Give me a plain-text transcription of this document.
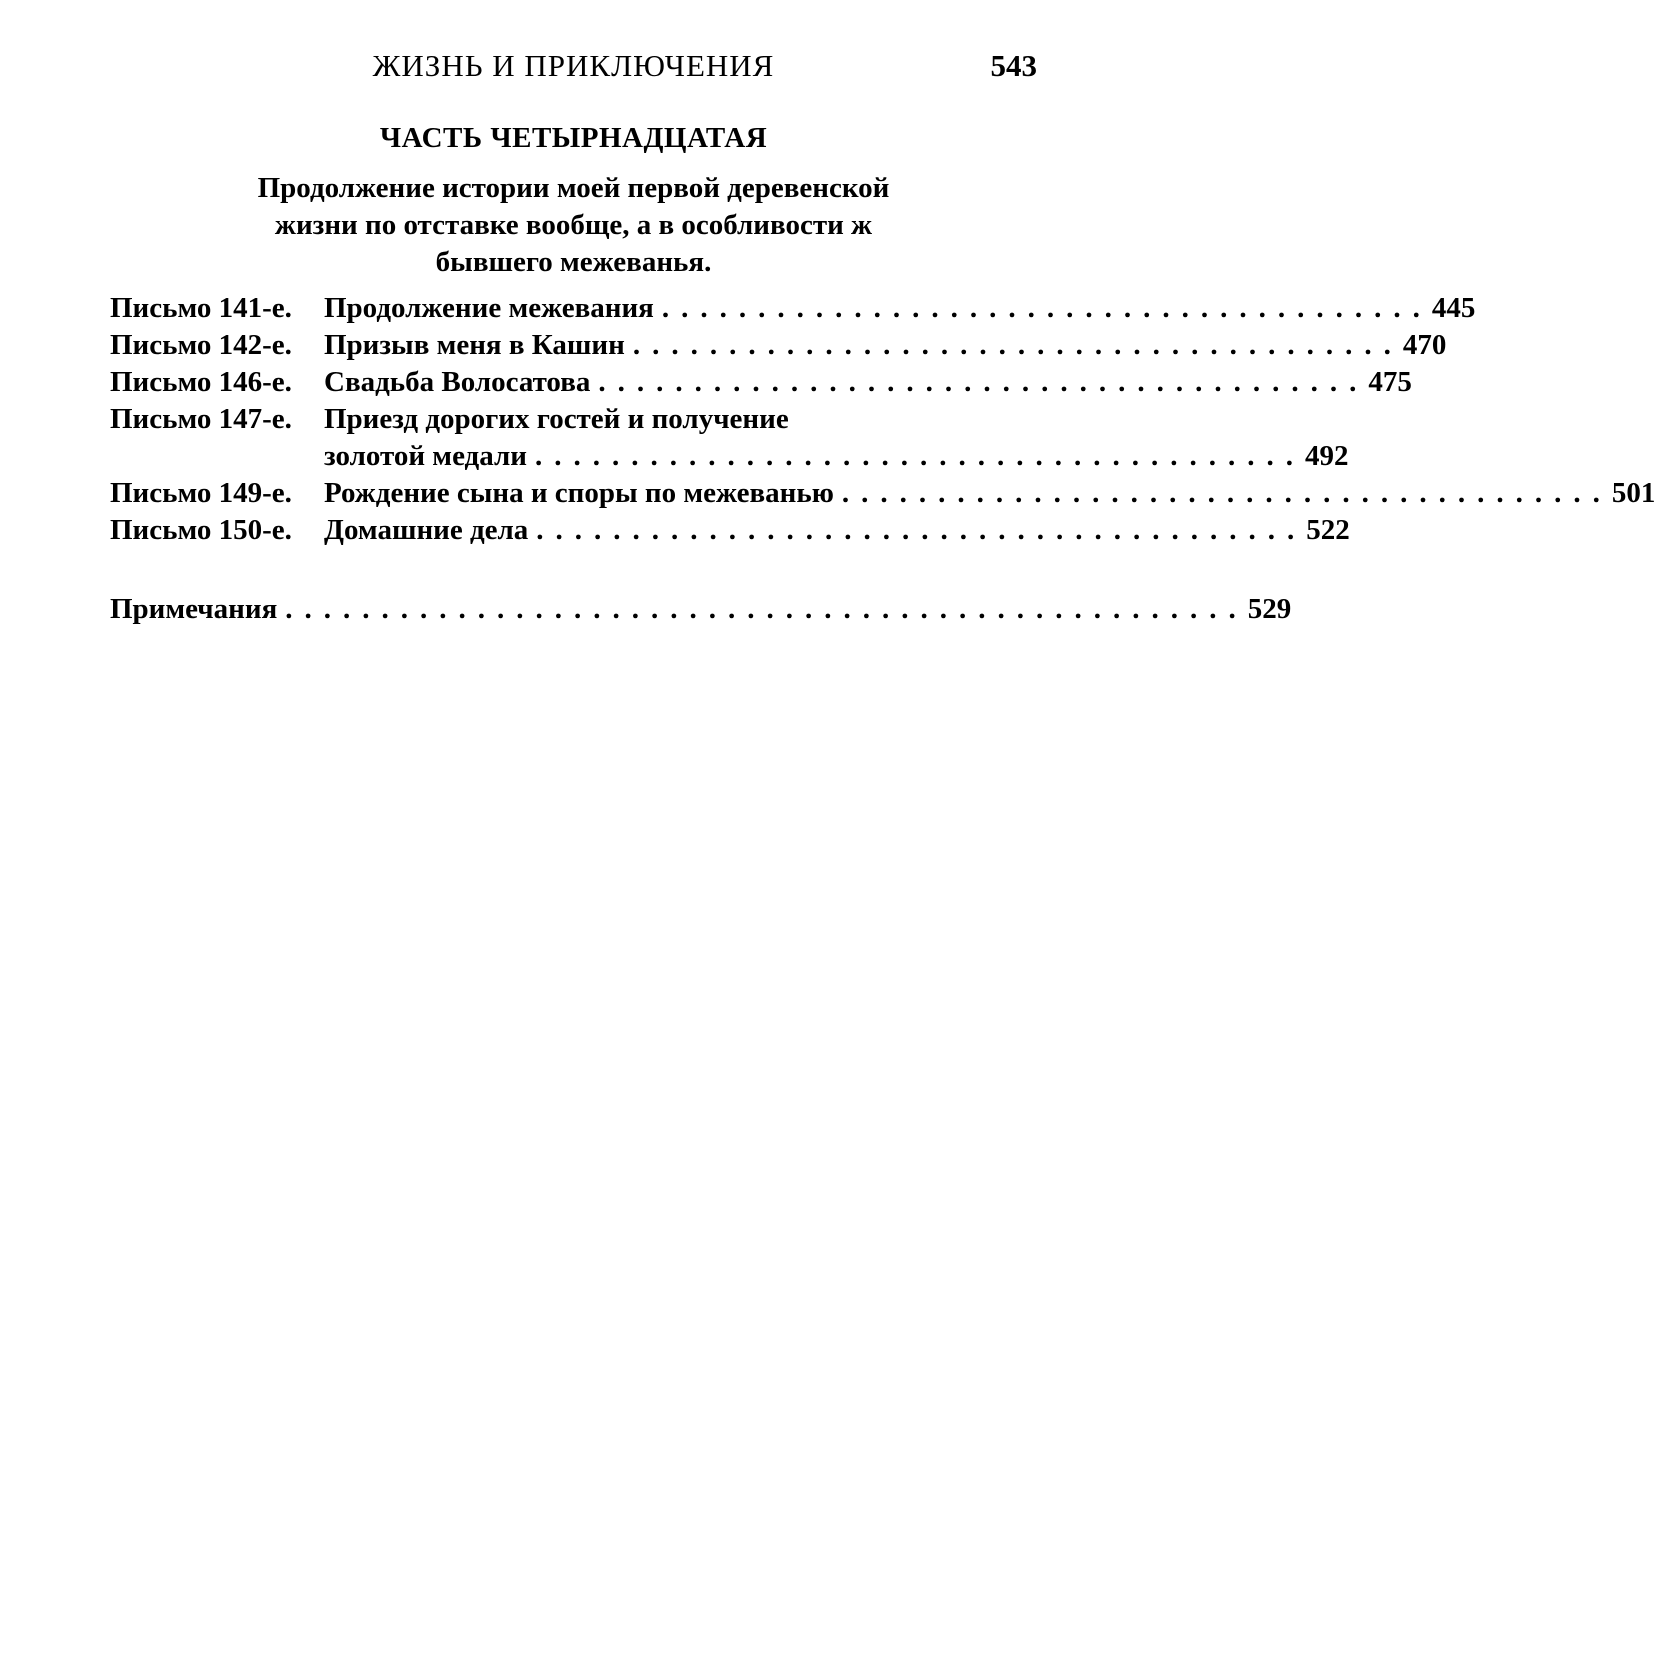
ЖИЗНЬ И ПРИКЛЮЧЕНИЯ	543
ЧАСТЬ ЧЕТЫРНАДЦАТАЯ
Продолжение истории моей первой деревенской
жизни по отставке вообще, а в особливости ж
бывшего межеванья.
Письмо 141-е.	Продолжение межевания ........................................ 445
Письмо 142-е.	Призыв меня в Кашин ........................................ 470
Письмо 146-е.	Свадьба Волосатова ........................................ 475
Письмо 147-е.	Приезд дорогих гостей и получение
золотой медали ........................................ 492
Письмо 149-е.	Рождение сына и споры по межеванью ........................................ 501
Письмо 150-е.	Домашние дела ........................................ 522
Примечания .................................................. 529
